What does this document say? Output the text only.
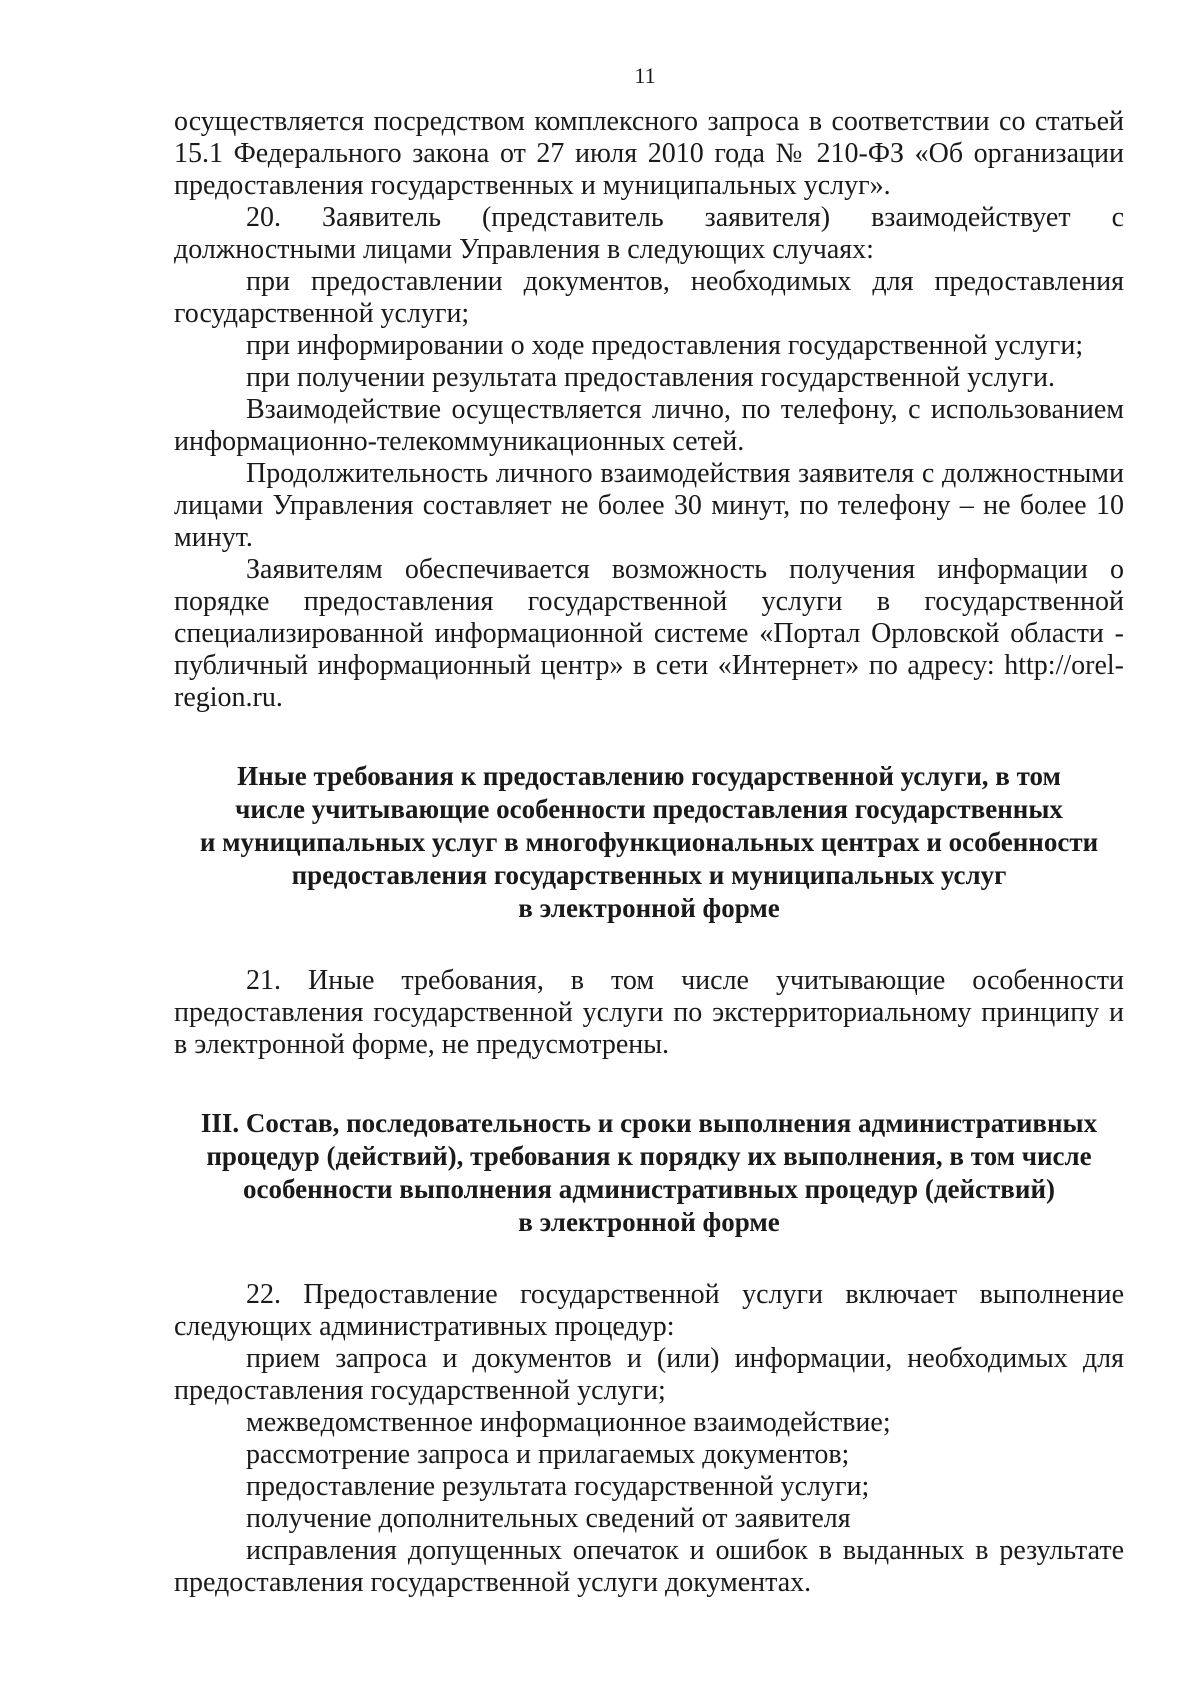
11

осуществляется посредством комплексного запроса в соответствии со статьей 15.1 Федерального закона от 27 июля 2010 года № 210-ФЗ «Об организации предоставления государственных и муниципальных услуг».

20. Заявитель (представитель заявителя) взаимодействует с должностными лицами Управления в следующих случаях:

при предоставлении документов, необходимых для предоставления государственной услуги;

при информировании о ходе предоставления государственной услуги;

при получении результата предоставления государственной услуги.

Взаимодействие осуществляется лично, по телефону, с использованием информационно-телекоммуникационных сетей.

Продолжительность личного взаимодействия заявителя с должностными лицами Управления составляет не более 30 минут, по телефону – не более 10 минут.

Заявителям обеспечивается возможность получения информации о порядке предоставления государственной услуги в государственной специализированной информационной системе «Портал Орловской области - публичный информационный центр» в сети «Интернет» по адресу: http://orel-region.ru.

Иные требования к предоставлению государственной услуги, в том

числе учитывающие особенности предоставления государственных

и муниципальных услуг в многофункциональных центрах и особенности

предоставления государственных и муниципальных услуг

в электронной форме

21. Иные требования, в том числе учитывающие особенности предоставления государственной услуги по экстерриториальному принципу и в электронной форме, не предусмотрены.

III. Состав, последовательность и сроки выполнения административных

процедур (действий), требования к порядку их выполнения, в том числе

особенности выполнения административных процедур (действий)

в электронной форме

22. Предоставление государственной услуги включает выполнение следующих административных процедур:

прием запроса и документов и (или) информации, необходимых для предоставления государственной услуги;

межведомственное информационное взаимодействие;

рассмотрение запроса и прилагаемых документов;

предоставление результата государственной услуги;

получение дополнительных сведений от заявителя

исправления допущенных опечаток и ошибок в выданных в результате предоставления государственной услуги документах.
